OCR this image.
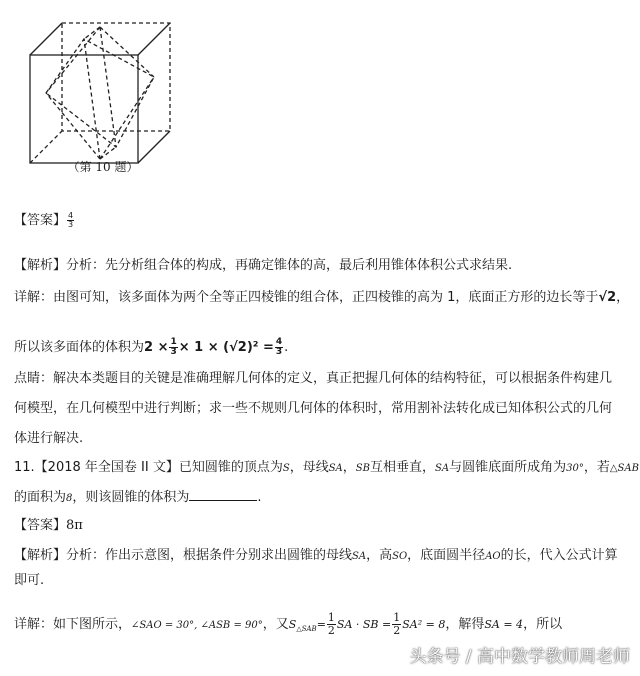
（第 10 题）
【答案】 $\frac{4}{3}$
【解析】分析：先分析组合体的构成，再确定锥体的高，最后利用锥体体积公式求结果.
详解：由图可知，该多面体为两个全等正四棱锥的组合体，正四棱锥的高为 1，底面正方形的边长等于√2，
所以该多面体的体积为$2 \times \frac{1}{3} \times 1 \times (√2)^2 = \frac{4}{3}$ .
点睛：解决本类题目的关键是准确理解几何体的定义，真正把握几何体的结构特征，可以根据条件构建几
何模型，在几何模型中进行判断；求一些不规则几何体的体积时，常用割补法转化成已知体积公式的几何
体进行解决.
11.【2018 年全国卷 II 文】已知圆锥的顶点为S，母线SA，SB互相垂直，SA与圆锥底面所成角为30°，若△SAB
的面积为8，则该圆锥的体积为	.
【答案】8π
【解析】分析：作出示意图，根据条件分别求出圆锥的母线SA，高SO，底面圆半径AO的长，代入公式计算
即可.
详解：如下图所示，∠SAO = 30°, ∠ASB = 90°，又$S_{\triangle SAB}= \frac{1}{2}$ SA · SB = $\frac{1}{2} SA^2 = 8$，解得SA = 4，所以
头条号 / 高中数学教师周老师
